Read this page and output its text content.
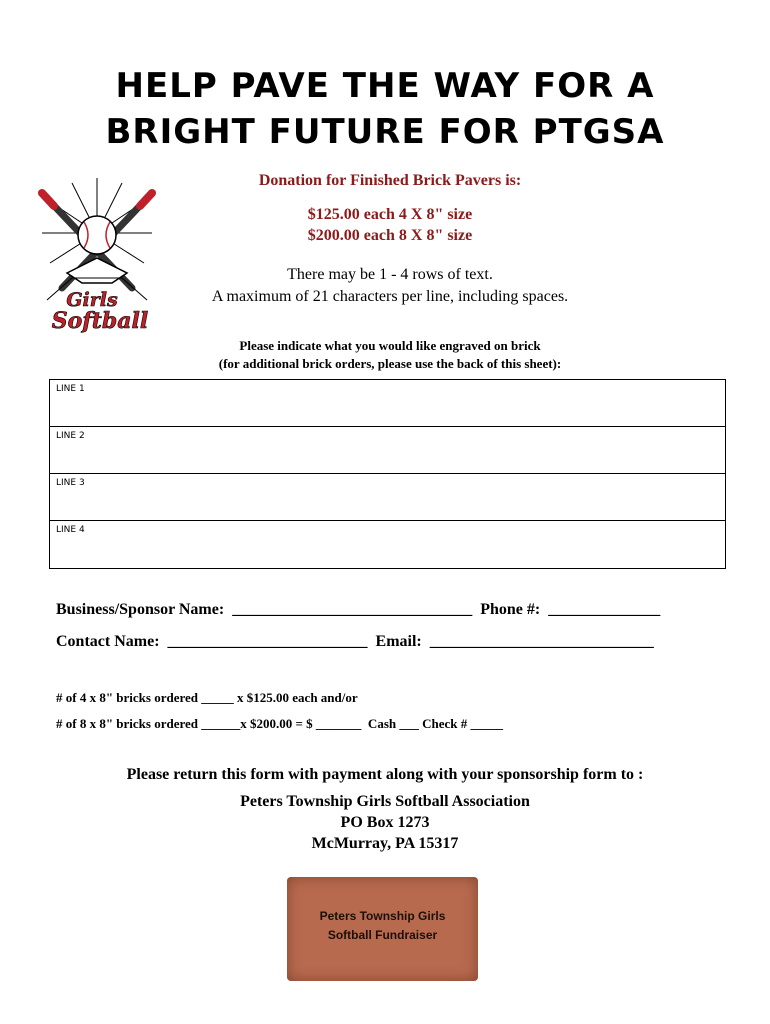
HELP PAVE THE WAY FOR A
BRIGHT FUTURE FOR PTGSA
Girls
Softball
Donation for Finished Brick Pavers is:
$125.00 each 4 X 8" size
$200.00 each 8 X 8" size
There may be 1 - 4 rows of text.
A maximum of 21 characters per line, including spaces.
Please indicate what you would like engraved on brick
(for additional brick orders, please use the back of this sheet):
LINE 1
LINE 2
LINE 3
LINE 4
Business/Sponsor Name:  ______________________________  Phone #:  ______________
Contact Name:  _________________________  Email:  ____________________________
# of 4 x 8" bricks ordered _____ x $125.00 each and/or
# of 8 x 8" bricks ordered ______x $200.00 = $ _______  Cash ___ Check # _____
Please return this form with payment along with your sponsorship form to :
Peters Township Girls Softball Association
PO Box 1273
McMurray, PA 15317
Peters Township Girls
Softball Fundraiser
